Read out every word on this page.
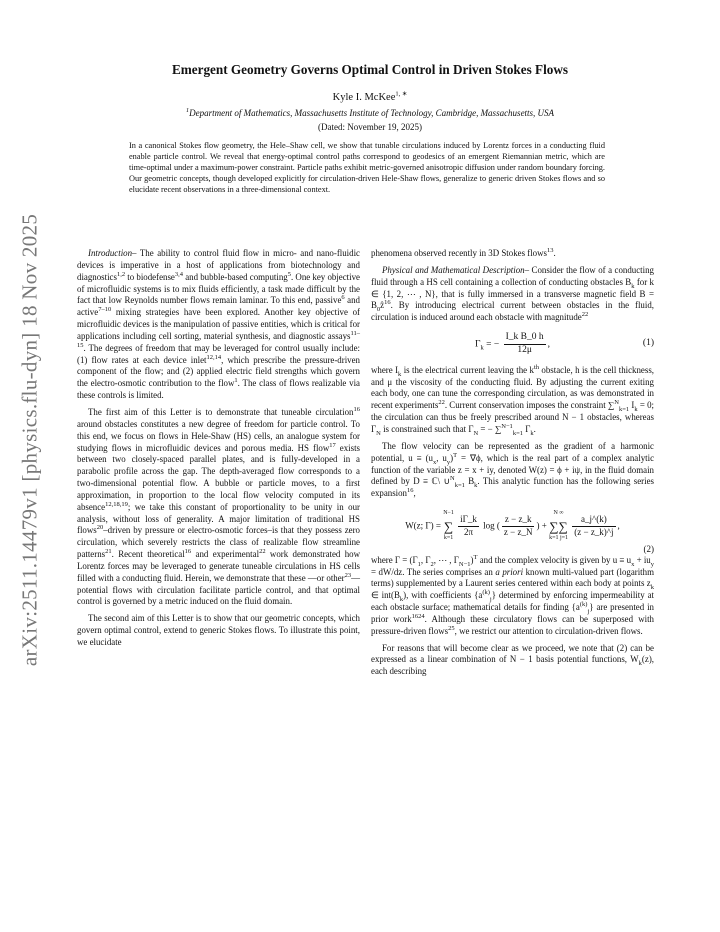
arXiv:2511.14479v1 [physics.flu-dyn] 18 Nov 2025
Emergent Geometry Governs Optimal Control in Driven Stokes Flows
Kyle I. McKee$^{1, ∗}$
$^1$Department of Mathematics, Massachusetts Institute of Technology, Cambridge, Massachusetts, USA
(Dated: November 19, 2025)
In a canonical Stokes flow geometry, the Hele–Shaw cell, we show that tunable circulations induced by Lorentz forces in a conducting fluid enable particle control. We reveal that energy-optimal control paths correspond to geodesics of an emergent Riemannian metric, which are time-optimal under a maximum-power constraint. Particle paths exhibit metric-governed anisotropic diffusion under random boundary forcing. Our geometric concepts, though developed explicitly for circulation-driven Hele-Shaw flows, generalize to generic driven Stokes flows and so elucidate recent observations in a three-dimensional context.

Introduction– The ability to control fluid flow in micro- and nano-fluidic devices is imperative in a host of applications from biotechnology and diagnostics$^{1,2}$ to biodefense$^{3,4}$ and bubble-based computing$^5$. One key objective of microfluidic systems is to mix fluids efficiently, a task made difficult by the fact that low Reynolds number flows remain laminar. To this end, passive$^6$ and active$^{7-10}$ mixing strategies have been explored. Another key objective of microfluidic devices is the manipulation of passive entities, which is critical for applications including cell sorting, material synthesis, and diagnostic assays$^{11-15}$. The degrees of freedom that may be leveraged for control usually include: (1) flow rates at each device inlet$^{12,14}$, which prescribe the pressure-driven component of the flow; and (2) applied electric field strengths which govern the electro-osmotic contribution to the flow$^1$. The class of flows realizable via these controls is limited.

The first aim of this Letter is to demonstrate that tuneable circulation$^{16}$ around obstacles constitutes a new degree of freedom for particle control. To this end, we focus on flows in Hele-Shaw (HS) cells, an analogue system for studying flows in microfluidic devices and porous media. HS flow$^{17}$ exists between two closely-spaced parallel plates, and is fully-developed in a parabolic profile across the gap. The depth-averaged flow corresponds to a two-dimensional potential flow. A bubble or particle moves, to a first approximation, in proportion to the local flow velocity computed in its absence$^{12,18,19}$; we take this constant of proportionality to be unity in our analysis, without loss of generality. A major limitation of traditional HS flows$^{20}$–driven by pressure or electro-osmotic forces–is that they possess zero circulation, which severely restricts the class of realizable flow streamline patterns$^{21}$. Recent theoretical$^{16}$ and experimental$^{22}$ work demonstrated how Lorentz forces may be leveraged to generate tuneable circulations in HS cells filled with a conducting fluid. Herein, we demonstrate that these —or other$^{23}$— potential flows with circulation facilitate particle control, and that optimal control is governed by a metric induced on the fluid domain.

The second aim of this Letter is to show that our geometric concepts, which govern optimal control, extend to generic Stokes flows. To illustrate this point, we elucidate

phenomena observed recently in 3D Stokes flows$^{13}$.

Physical and Mathematical Description– Consider the flow of a conducting fluid through a HS cell containing a collection of conducting obstacles $B_k$ for k ∈ {1, 2, ⋯ , N}, that is fully immersed in a transverse magnetic field $B = B_0ẑ^{16}$. By introducing electrical current between obstacles in the fluid, circulation is induced around each obstacle with magnitude$^{22}$

$\Gamma_k$ = − $\frac{\text{I\_k B\_0 h}}{12\mu}$ ,	(1)

where $I_k$ is the electrical current leaving the $k^{th}$ obstacle, h is the cell thickness, and μ the viscosity of the conducting fluid. By adjusting the current exiting each body, one can tune the corresponding circulation, as was demonstrated in recent experiments$^{22}$. Current conservation imposes the constraint ∑$^N_{k=1}$ $I_k = 0$; the circulation can thus be freely prescribed around N − 1 obstacles, whereas $\Gamma_N$ is constrained such that $\Gamma_N$ = − ∑$^{N-1}_{k=1}$ $\Gamma_k$.

The flow velocity can be represented as the gradient of a harmonic potential, $u \equiv (u_x$, $u_y)^T = \nabla\phi$, which is the real part of a complex analytic function of the variable z = x + iy, denoted W(z) = ϕ + iψ, in the fluid domain defined by D ≡ ℂ\ ∪$^N_{k=1}$ $B_k$. This analytic function has the following series expansion$^{16}$,

W(z; Γ) =
N−1
∑
k=1
$\frac{i\Gamma\_k}{2\pi}$ log ( $\frac{z - z\_k}{z - z\_N}$ ) +
N ∞
∑∑
k=1 j=1
$\frac{a\_j\^{}(k)}{(z - z\_k)\^{}j}$ ,
(2)

where $\Gamma = (\Gamma_1$, $\Gamma_2$, ⋯ , $\Gamma_{N-1})^T$ and the complex velocity is given by $u \equiv u_x + iu_y = dW/dz$. The series comprises an a priori known multi-valued part (logarithm terms) supplemented by a Laurent series centered within each body at points $z_k$ ∈ $int(B_k)$, with coefficients $\{a^{(k)}_j\}$ determined by enforcing impermeability at each obstacle surface; mathematical details for finding $\{a^{(k)}_j\}$ are presented in prior work$^{1624}$. Although these circulatory flows can be superposed with pressure-driven flows$^{25}$, we restrict our attention to circulation-driven flows.

For reasons that will become clear as we proceed, we note that (2) can be expressed as a linear combination of N − 1 basis potential functions, $W_k(z)$, each describing
